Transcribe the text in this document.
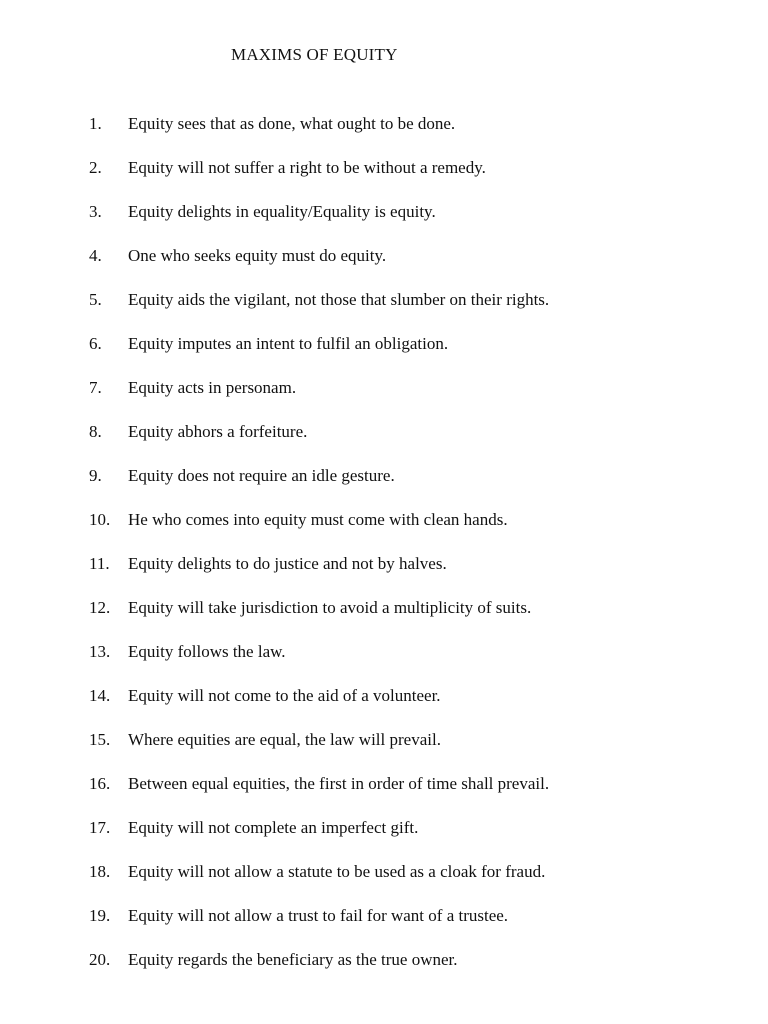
MAXIMS OF EQUITY
1. Equity sees that as done, what ought to be done.
2. Equity will not suffer a right to be without a remedy.
3. Equity delights in equality/Equality is equity.
4. One who seeks equity must do equity.
5. Equity aids the vigilant, not those that slumber on their rights.
6. Equity imputes an intent to fulfil an obligation.
7. Equity acts in personam.
8. Equity abhors a forfeiture.
9. Equity does not require an idle gesture.
10. He who comes into equity must come with clean hands.
11. Equity delights to do justice and not by halves.
12. Equity will take jurisdiction to avoid a multiplicity of suits.
13. Equity follows the law.
14. Equity will not come to the aid of a volunteer.
15. Where equities are equal, the law will prevail.
16. Between equal equities, the first in order of time shall prevail.
17. Equity will not complete an imperfect gift.
18. Equity will not allow a statute to be used as a cloak for fraud.
19. Equity will not allow a trust to fail for want of a trustee.
20. Equity regards the beneficiary as the true owner.
